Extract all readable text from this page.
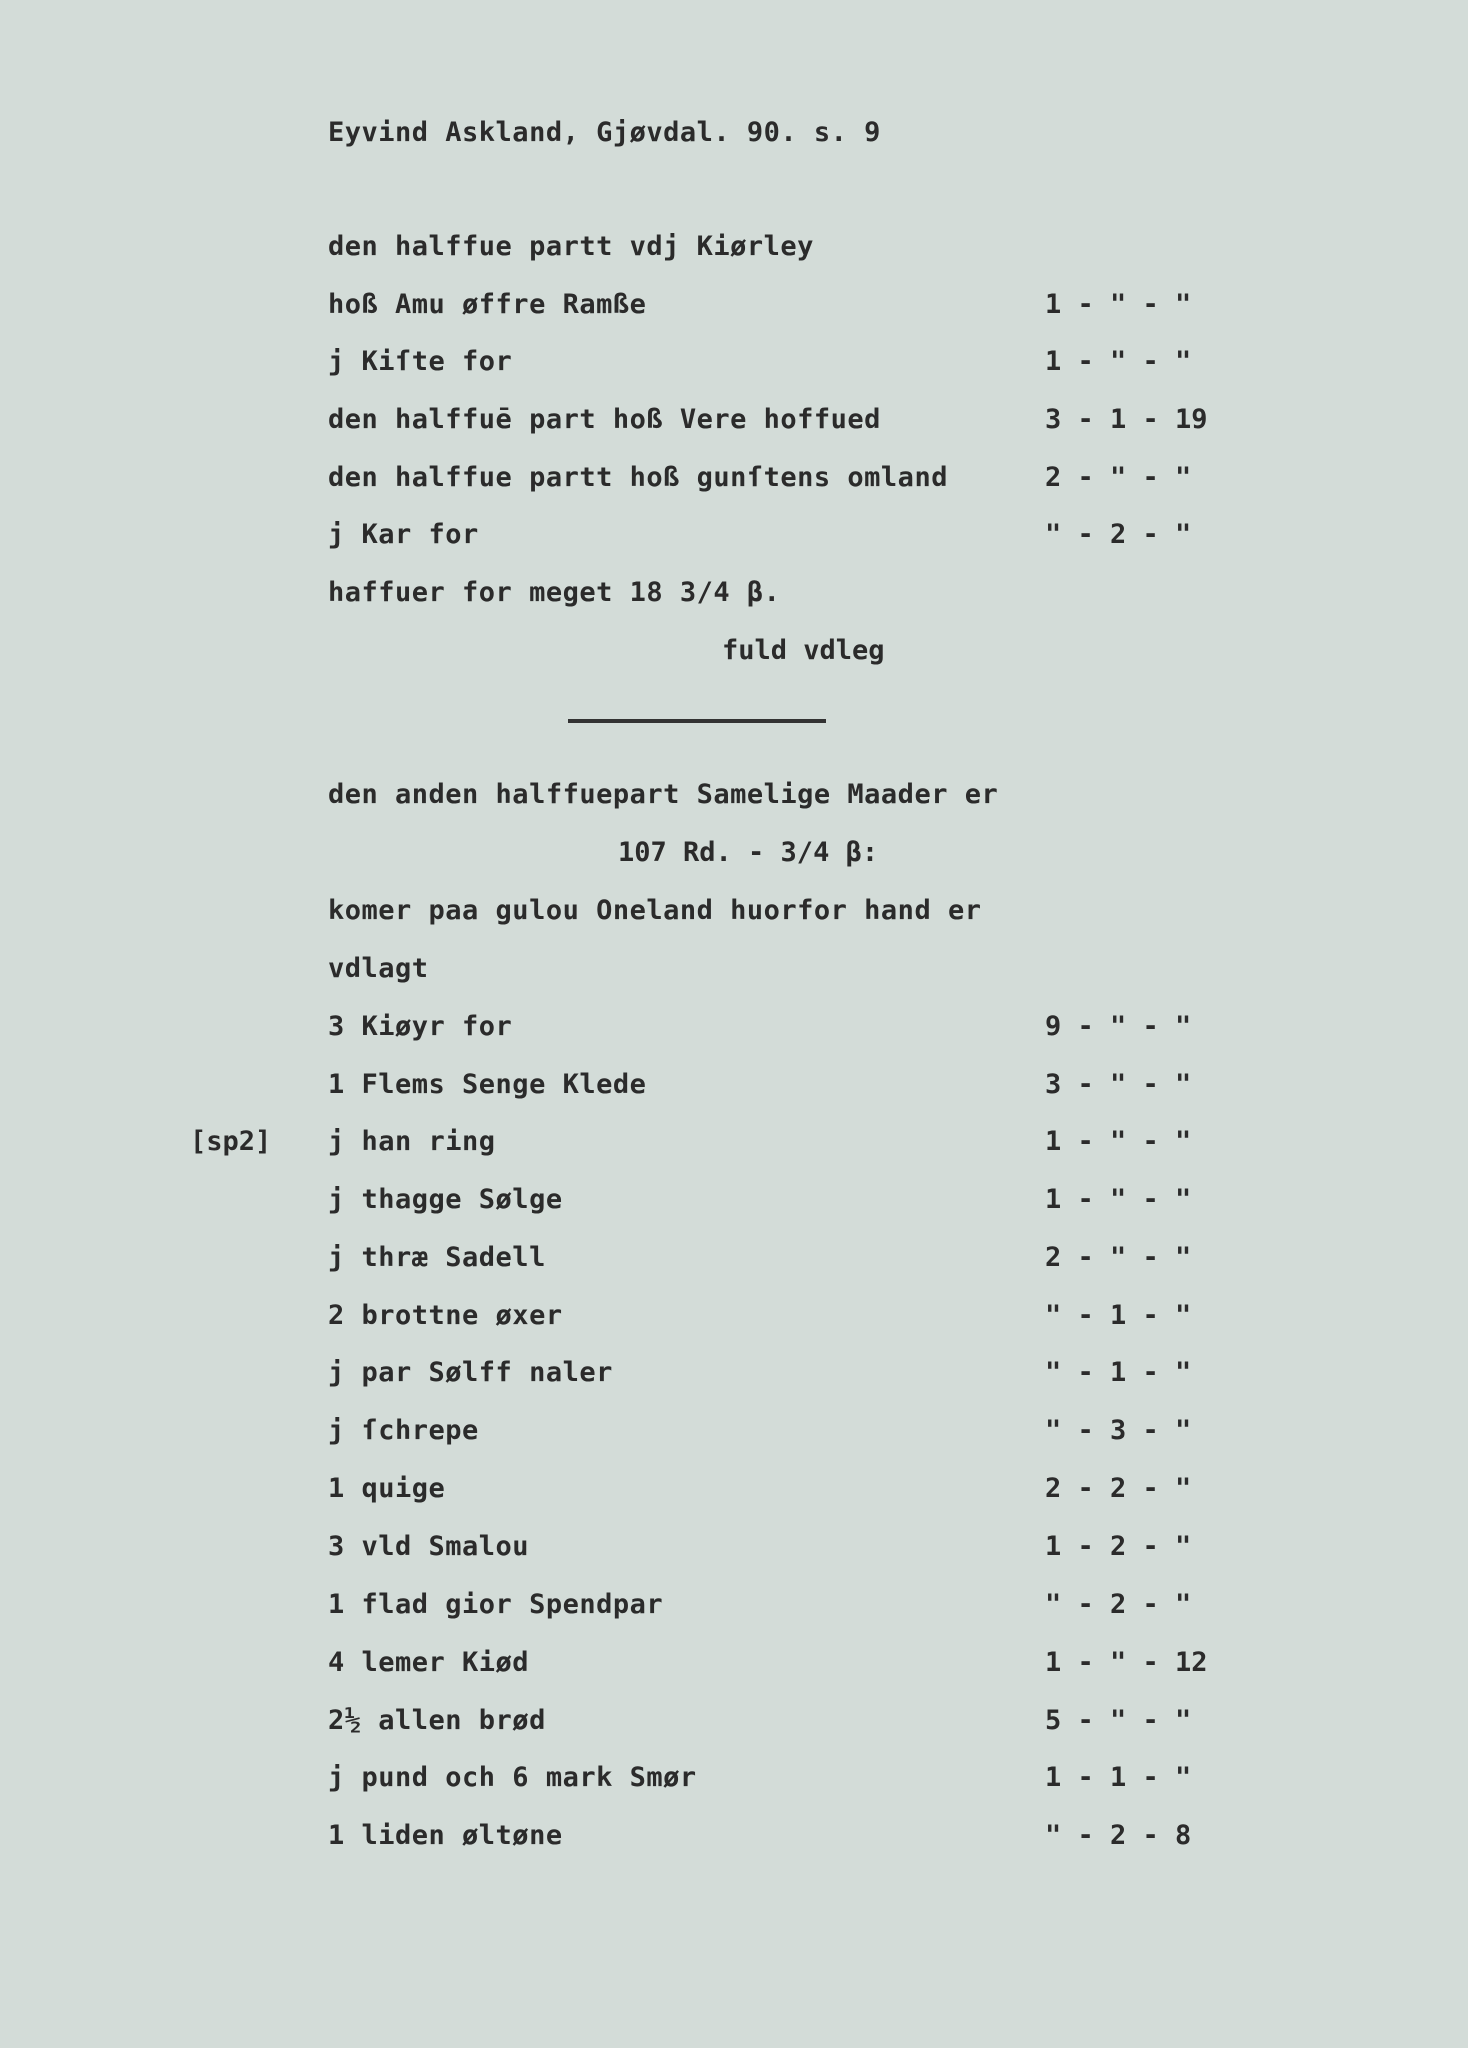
Eyvind Askland, Gjøvdal. 90. s. 9
den halffue partt vdj Kiørley
hoß Amu øffre Ramße	1 - " - "
j Kiſte for	1 - " - "
den halffuē part hoß Vere hoffued	3 - 1 - 19
den halffue partt hoß gunſtens omland	2 - " - "
j Kar for	" - 2 - "
haffuer for meget 18 3/4 β.
fuld vdleg
den anden halffuepart Samelige Maader er
107 Rd. - 3/4 β:
komer paa gulou Oneland huorfor hand er
vdlagt
3 Kiøyr for	9 - " - "
1 Flems Senge Klede	3 - " - "
[sp2] j han ring	1 - " - "
j thagge Sølge	1 - " - "
j thræ Sadell	2 - " - "
2 brottne øxer	" - 1 - "
j par Sølff naler	" - 1 - "
j ſchrepe	" - 3 - "
1 quige	2 - 2 - "
3 vld Smalou	1 - 2 - "
1 flad gior Spendpar	" - 2 - "
4 lemer Kiød	1 - " - 12
2½ allen brød	5 - " - "
j pund och 6 mark Smør	1 - 1 - "
1 liden øltøne	" - 2 - 8
